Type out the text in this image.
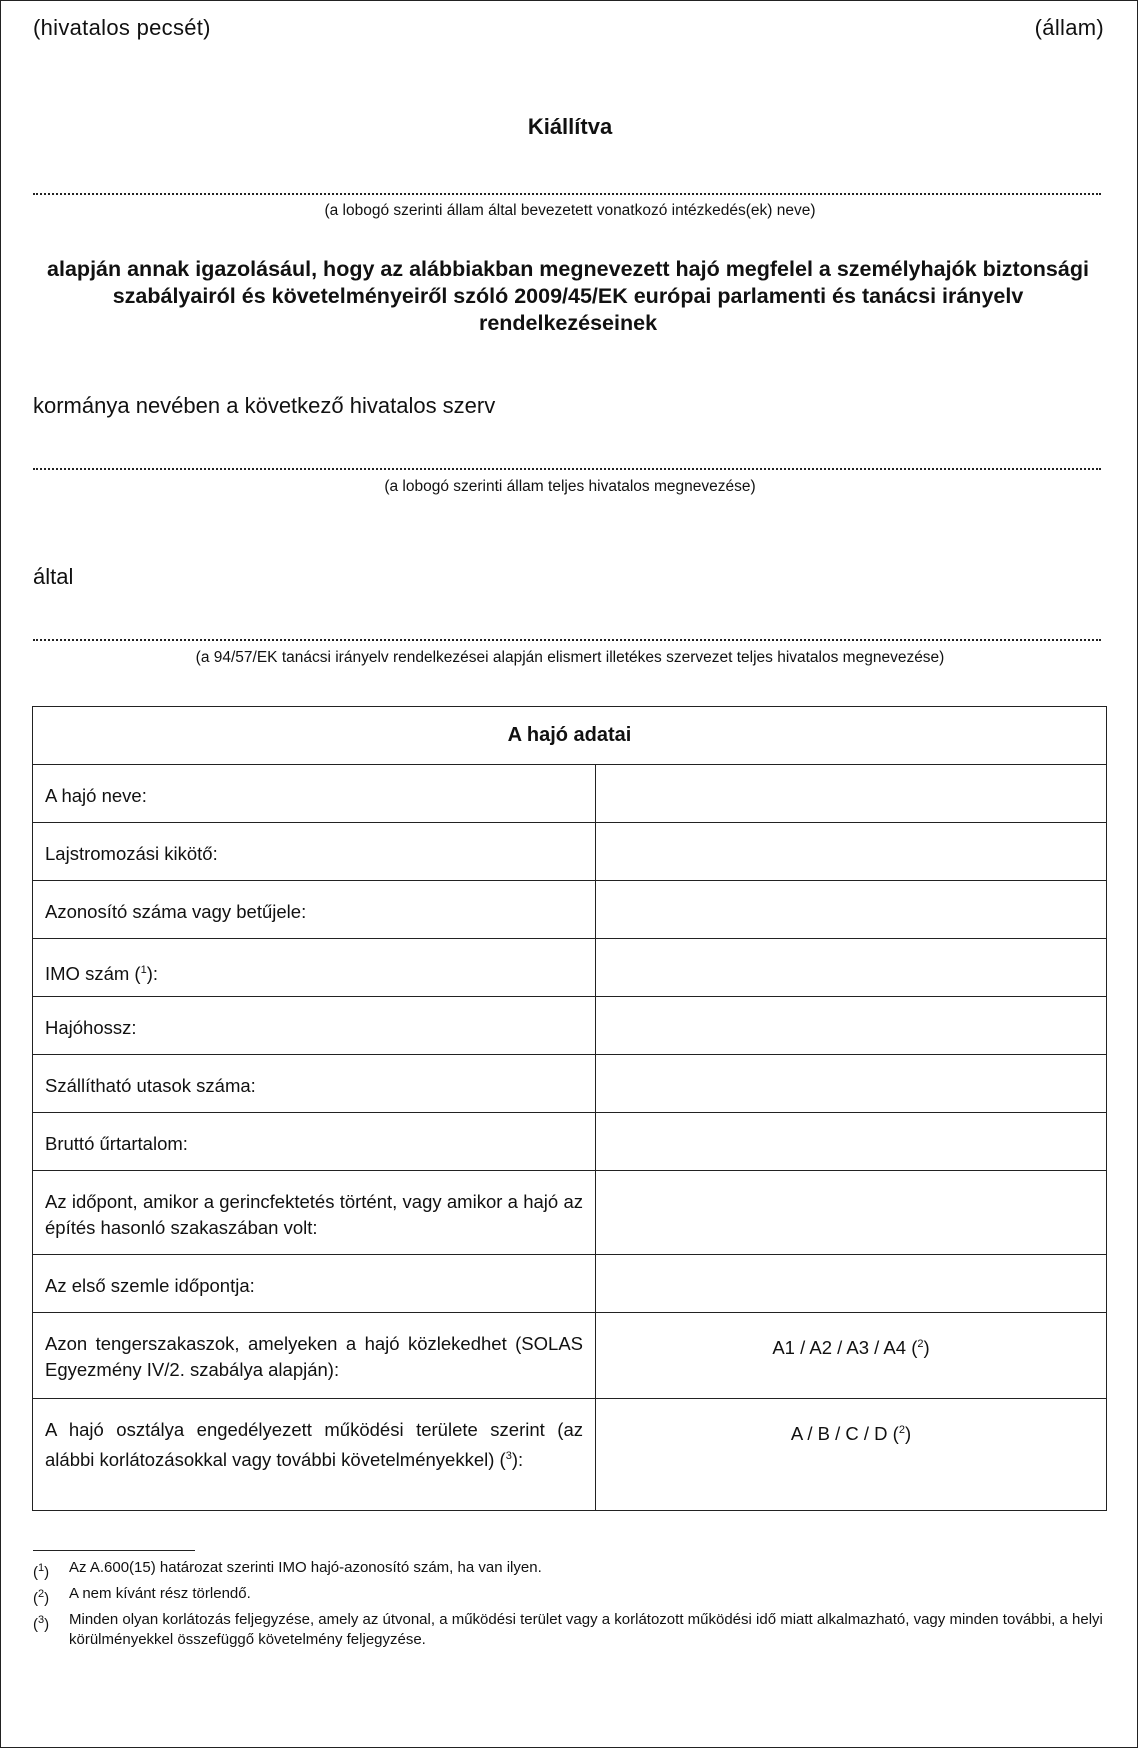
(hivatalos pecsét)	(állam)
Kiállítva
(a lobogó szerinti állam által bevezetett vonatkozó intézkedés(ek) neve)
alapján annak igazolásául, hogy az alábbiakban megnevezett hajó megfelel a személyhajók biztonsági szabályairól és követelményeiről szóló 2009/45/EK európai parlamenti és tanácsi irányelv rendelkezéseinek
kormánya nevében a következő hivatalos szerv
(a lobogó szerinti állam teljes hivatalos megnevezése)
által
(a 94/57/EK tanácsi irányelv rendelkezései alapján elismert illetékes szervezet teljes hivatalos megnevezése)
A hajó adatai	
A hajó neve:	
Lajstromozási kikötő:	
Azonosító száma vagy betűjele:	
IMO szám ($^1$):	
Hajóhossz:	
Szállítható utasok száma:	
Bruttó űrtartalom:	
Az időpont, amikor a gerincfektetés történt, vagy amikor a hajó az építés hasonló szakaszában volt:	
Az első szemle időpontja:	
Azon tengerszakaszok, amelyeken a hajó közlekedhet (SOLAS Egyezmény IV/2. szabálya alapján):	A1 / A2 / A3 / A4 ($^2$)
A hajó osztálya engedélyezett működési területe szerint (az alábbi korlátozásokkal vagy további követelményekkel) ($^3$):	A / B / C / D ($^2$)
($^1$)	Az A.600(15) határozat szerinti IMO hajó-azonosító szám, ha van ilyen.
($^2$)	A nem kívánt rész törlendő.
($^3$)	Minden olyan korlátozás feljegyzése, amely az útvonal, a működési terület vagy a korlátozott működési idő miatt alkalmazható, vagy minden további, a helyi körülményekkel összefüggő követelmény feljegyzése.
